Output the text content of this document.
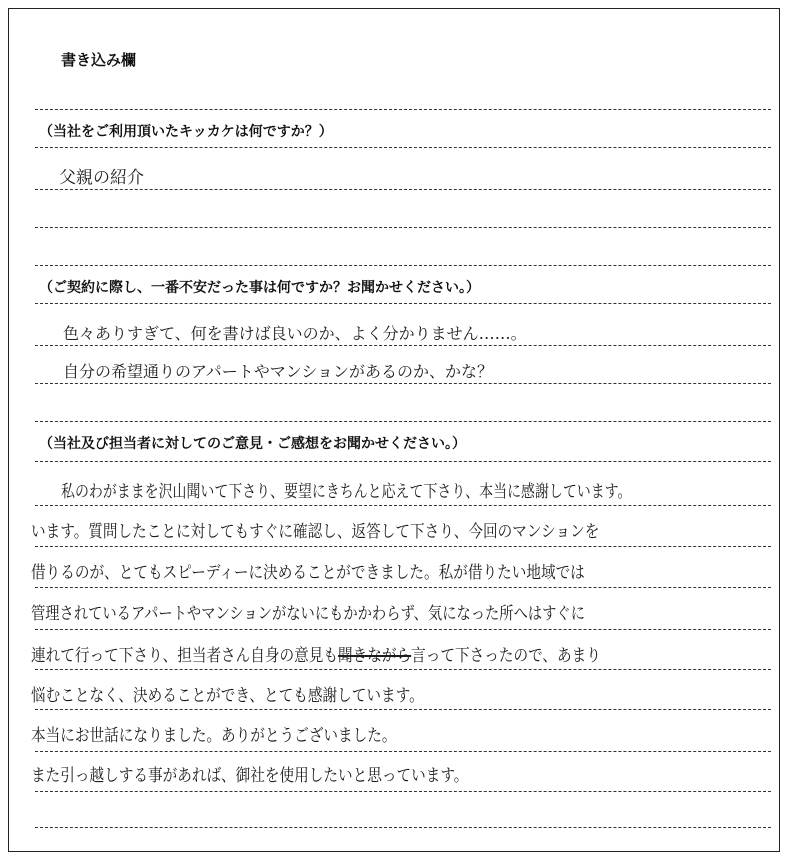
書き込み欄
（当社をご利用頂いたキッカケは何ですか？）
父親の紹介
（ご契約に際し、一番不安だった事は何ですか？お聞かせください。）
色々ありすぎて、何を書けば良いのか、よく分かりません……。
自分の希望通りのアパートやマンションがあるのか、かな？
（当社及び担当者に対してのご意見・ご感想をお聞かせください。）
私のわがままを沢山聞いて下さり、要望にきちんと応えて下さり、本当に感謝しています。
います。質問したことに対してもすぐに確認し、返答して下さり、今回のマンションを
借りるのが、とてもスピーディーに決めることができました。私が借りたい地域では
管理されているアパートやマンションがないにもかかわらず、気になった所へはすぐに
連れて行って下さり、担当者さん自身の意見も聞きながら言って下さったので、あまり
悩むことなく、決めることができ、とても感謝しています。
本当にお世話になりました。ありがとうございました。
また引っ越しする事があれば、御社を使用したいと思っています。
